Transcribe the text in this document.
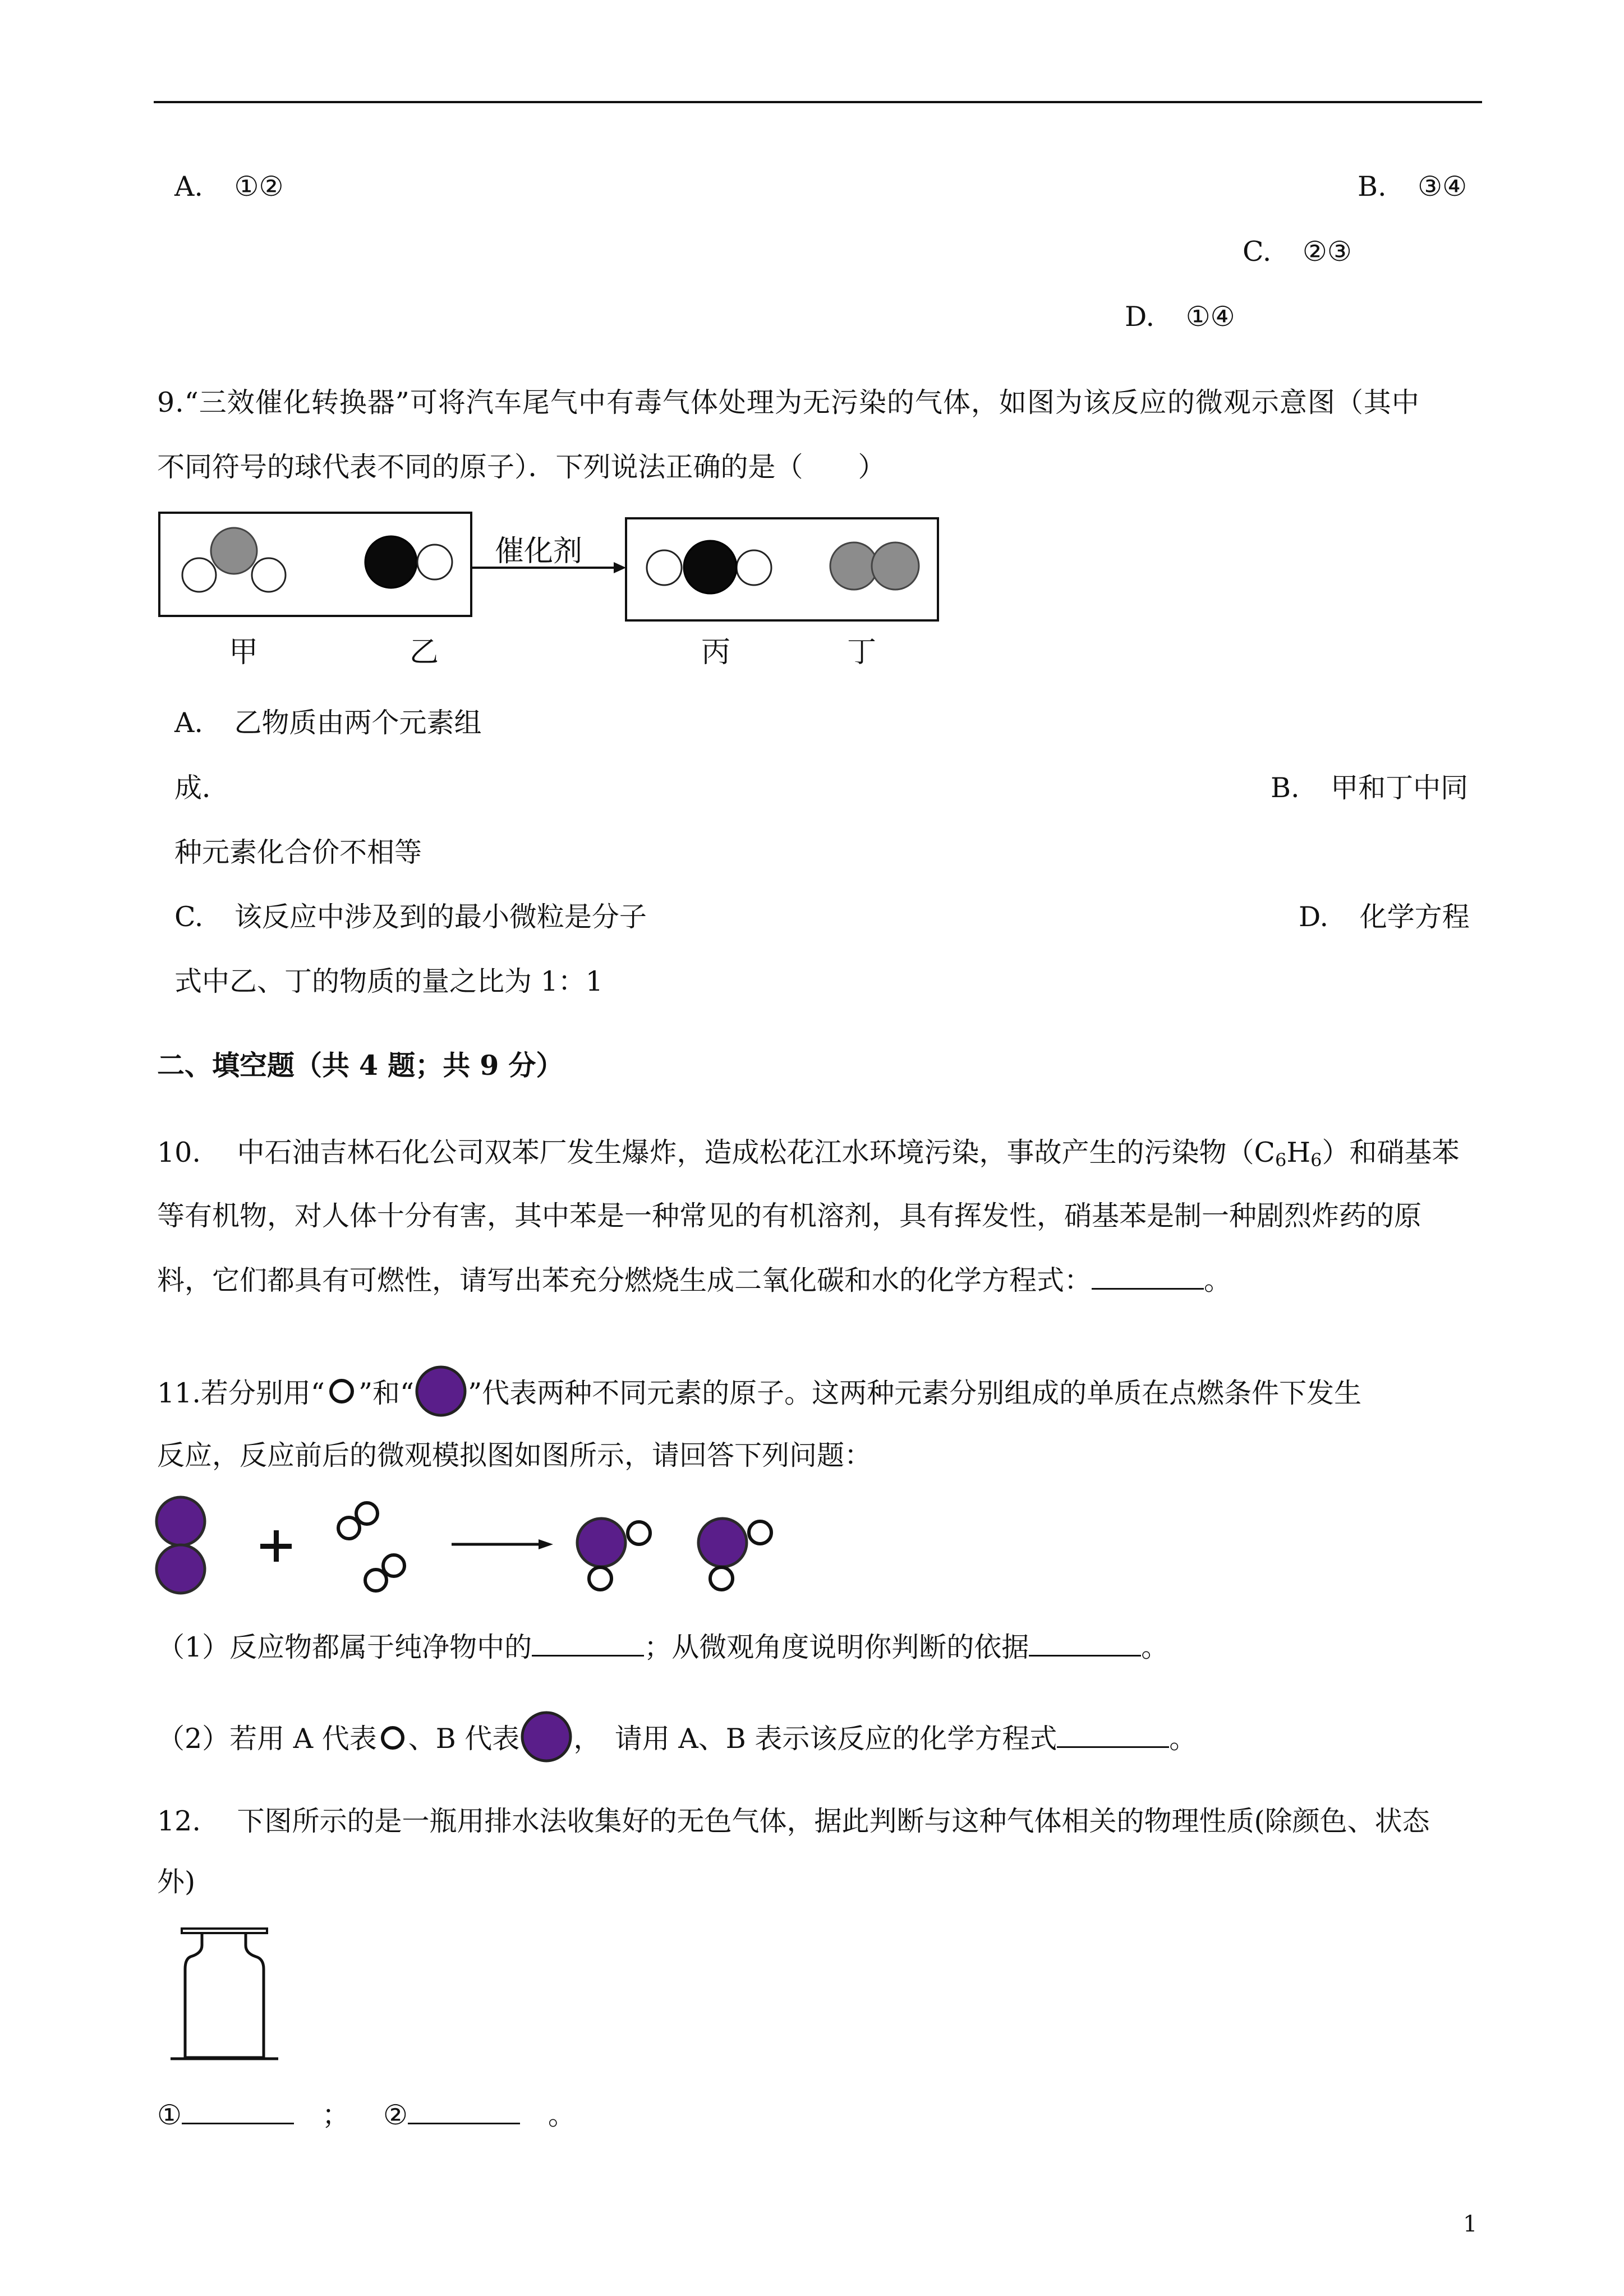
A. ①②	B. ③④
C. ②③
D. ①④
9.“三效催化转换器”可将汽车尾气中有毒气体处理为无污染的气体，如图为该反应的微观示意图（其中
不同符号的球代表不同的原子）．下列说法正确的是（　　）
催化剂
甲	乙	丙	丁
A. 乙物质由两个元素组
成．	B. 甲和丁中同
种元素化合价不相等
C. 该反应中涉及到的最小微粒是分子	D. 化学方程
式中乙、丁的物质的量之比为 1：1
二、填空题（共 4 题；共 9 分）
10.　 中石油吉林石化公司双苯厂发生爆炸，造成松花江水环境污染，事故产生的污染物$(C_6H_6)$和硝基苯
等有机物，对人体十分有害，其中苯是一种常见的有机溶剂，具有挥发性，硝基苯是制一种剧烈炸药的原
料，它们都具有可燃性，请写出苯充分燃烧生成二氧化碳和水的化学方程式：	。
11.若分别用“ ”和“ ”代表两种不同元素的原子。这两种元素分别组成的单质在点燃条件下发生
反应，反应前后的微观模拟图如图所示，请回答下列问题：
（1）反应物都属于纯净物中的	；从微观角度说明你判断的依据	。
（2）若用 A 代表 、B 代表 ，　请用 A、B 表示该反应的化学方程式	。
12.　 下图所示的是一瓶用排水法收集好的无色气体，据此判断与这种气体相关的物理性质(除颜色、状态
外)
①	； ②	。
1
